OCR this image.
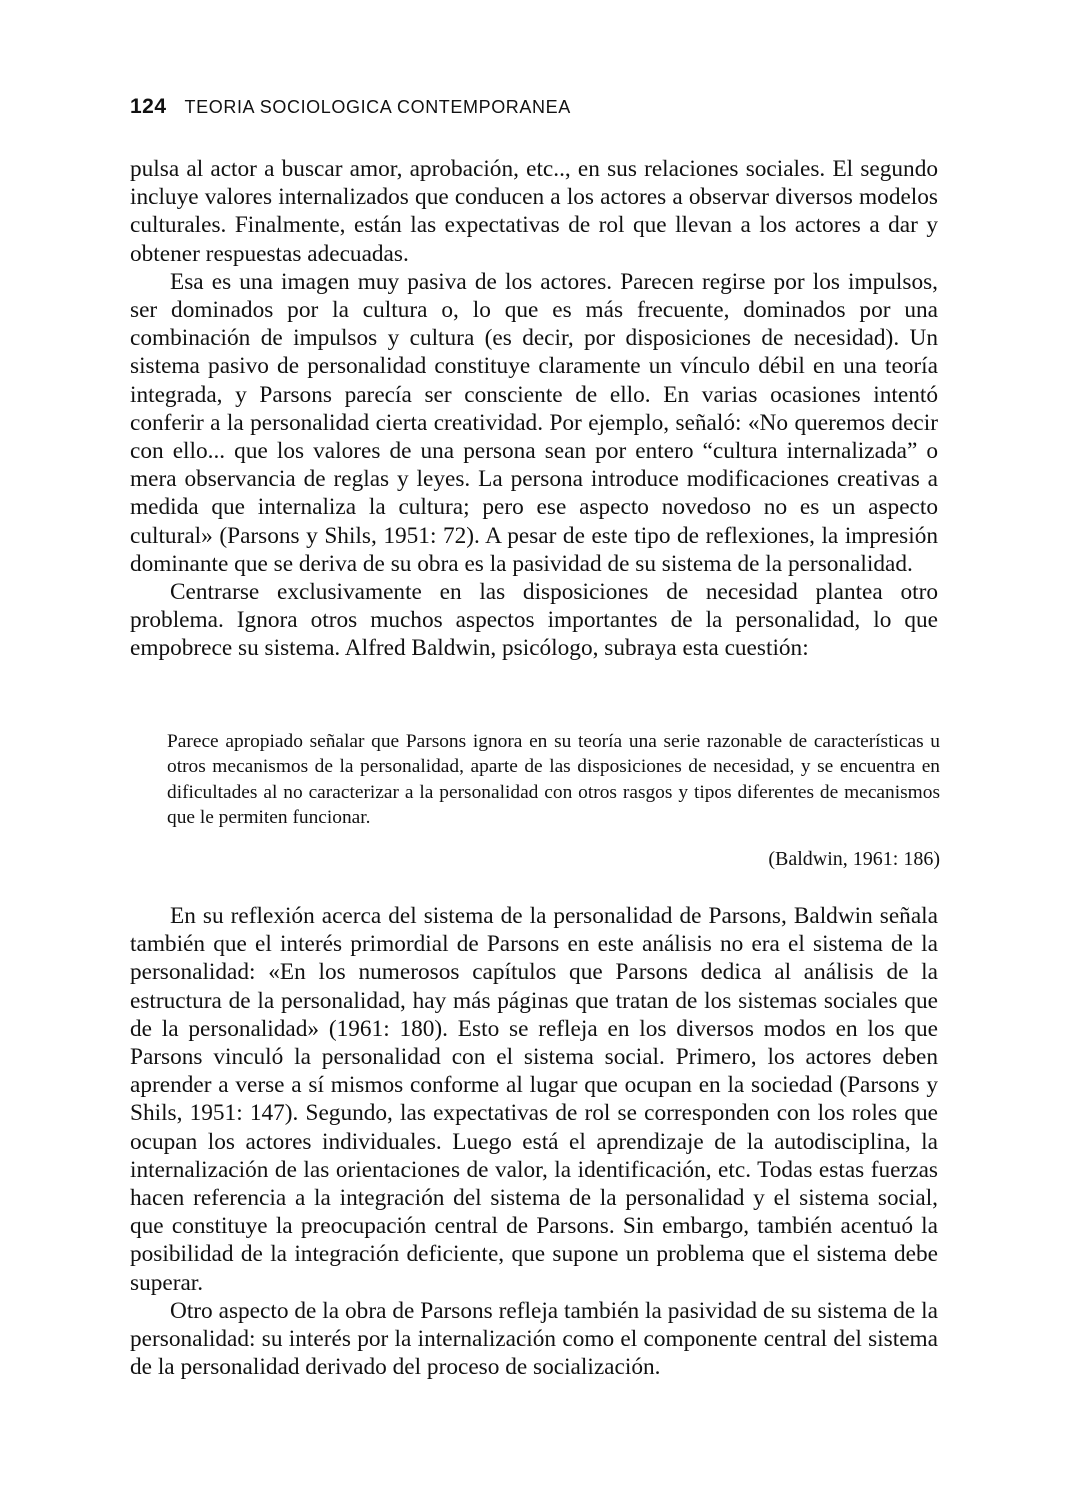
124 TEORIA SOCIOLOGICA CONTEMPORANEA

pulsa al actor a buscar amor, aprobación, etc.., en sus relaciones sociales. El segundo incluye valores internalizados que conducen a los actores a observar diversos modelos culturales. Finalmente, están las expectativas de rol que llevan a los actores a dar y obtener respuestas adecuadas.

Esa es una imagen muy pasiva de los actores. Parecen regirse por los impulsos, ser dominados por la cultura o, lo que es más frecuente, dominados por una combinación de impulsos y cultura (es decir, por disposiciones de necesidad). Un sistema pasivo de personalidad constituye claramente un vínculo débil en una teoría integrada, y Parsons parecía ser consciente de ello. En varias ocasiones intentó conferir a la personalidad cierta creatividad. Por ejemplo, señaló: «No queremos decir con ello... que los valores de una persona sean por entero “cultura internalizada” o mera observancia de reglas y leyes. La persona introduce modificaciones creativas a medida que internaliza la cultura; pero ese aspecto novedoso no es un aspecto cultural» (Parsons y Shils, 1951: 72). A pesar de este tipo de reflexiones, la impresión dominante que se deriva de su obra es la pasividad de su sistema de la personalidad.

Centrarse exclusivamente en las disposiciones de necesidad plantea otro problema. Ignora otros muchos aspectos importantes de la personalidad, lo que empobrece su sistema. Alfred Baldwin, psicólogo, subraya esta cuestión:

Parece apropiado señalar que Parsons ignora en su teoría una serie razonable de características u otros mecanismos de la personalidad, aparte de las disposiciones de necesidad, y se encuentra en dificultades al no caracterizar a la personalidad con otros rasgos y tipos diferentes de mecanismos que le permiten funcionar.

(Baldwin, 1961: 186)

En su reflexión acerca del sistema de la personalidad de Parsons, Baldwin señala también que el interés primordial de Parsons en este análisis no era el sistema de la personalidad: «En los numerosos capítulos que Parsons dedica al análisis de la estructura de la personalidad, hay más páginas que tratan de los sistemas sociales que de la personalidad» (1961: 180). Esto se refleja en los diversos modos en los que Parsons vinculó la personalidad con el sistema social. Primero, los actores deben aprender a verse a sí mismos conforme al lugar que ocupan en la sociedad (Parsons y Shils, 1951: 147). Segundo, las expectativas de rol se corresponden con los roles que ocupan los actores individuales. Luego está el aprendizaje de la autodisciplina, la internalización de las orientaciones de valor, la identificación, etc. Todas estas fuerzas hacen referencia a la integración del sistema de la personalidad y el sistema social, que constituye la preocupación central de Parsons. Sin embargo, también acentuó la posibilidad de la integración deficiente, que supone un problema que el sistema debe superar.

Otro aspecto de la obra de Parsons refleja también la pasividad de su sistema de la personalidad: su interés por la internalización como el componente central del sistema de la personalidad derivado del proceso de socialización.
